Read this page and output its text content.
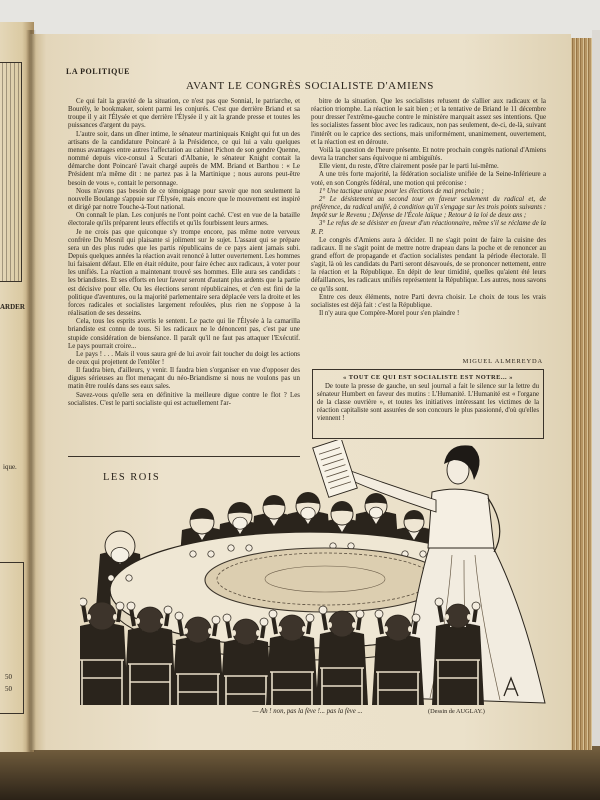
ARDER
ique.
50
50
LA POLITIQUE
AVANT LE CONGRÈS SOCIALISTE D'AMIENS

Ce qui fait la gravité de la situation, ce n'est pas que Sonnial, le patriarche, et Bourély, le bookmaker, soient parmi les conjurés. C'est que derrière Briand et sa troupe il y ait l'Élysée et que derrière l'Élysée il y ait la grande presse et toutes les puissances d'argent du pays.

L'autre soir, dans un dîner intime, le sénateur martiniquais Knight qui fut un des artisans de la candidature Poincaré à la Présidence, ce qui lui a valu quelques menus avantages entre autres l'affectation au cabinet Pichon de son gendre Quenne, nommé depuis vice-consul à Scutari d'Albanie, le sénateur Knight contait la démarche dont Poincaré l'avait chargé auprès de MM. Briand et Barthou : « Le Président m'a même dit : ne partez pas à la Martinique ; nous aurons peut-être besoin de vous », contait le personnage.

Nous n'avons pas besoin de ce témoignage pour savoir que non seulement la nouvelle Boulange s'appuie sur l'Élysée, mais encore que le mouvement est inspiré et dirigé par notre Touche-à-Tout national.

On connaît le plan. Les conjurés ne l'ont point caché. C'est en vue de la bataille électorale qu'ils préparent leurs effectifs et qu'ils fourbissent leurs armes.

Je ne crois pas que quiconque s'y trompe encore, pas même notre verveux confrère Du Mesnil qui plaisante si joliment sur le sujet. L'assaut qui se prépare sera un des plus rudes que les partis républicains de ce pays aient jamais subi. Depuis quelques années la réaction avait renoncé à lutter ouvertement. Les hommes lui faisaient défaut. Elle en était réduite, pour faire échec aux radicaux, à voter pour les unifiés. La réaction a maintenant trouvé ses hommes. Elle aura ses candidats : les briandistes. Et ses efforts en leur faveur seront d'autant plus ardents que la partie est décisive pour elle. Ou les élections seront républicaines, et c'en est fini de la politique d'aventures, ou la majorité parlementaire sera déplacée vers la droite et les forces radicales et socialistes largement refoulées, plus rien ne s'oppose à la réalisation de ses desseins.

Cela, tous les esprits avertis le sentent. Le pacte qui lie l'Élysée à la camarilla briandiste est connu de tous. Si les radicaux ne le dénoncent pas, c'est par une stupide considération de bienséance. Il paraît qu'il ne faut pas attaquer l'Exécutif. Le pays pourrait croire...

Le pays ! . . . Mais il vous saura gré de lui avoir fait toucher du doigt les actions de ceux qui projettent de l'entôler !

Il faudra bien, d'ailleurs, y venir. Il faudra bien s'organiser en vue d'opposer des digues sérieuses au flot menaçant du néo-Briandisme si nous ne voulons pas un matin être roulés dans ses eaux sales.

Savez-vous qu'elle sera en définitive la meilleure digue contre le flot ? Les socialistes. C'est le parti socialiste qui est actuellement l'ar-

bitre de la situation. Que les socialistes refusent de s'allier aux radicaux et la réaction triomphe. La réaction le sait bien ; et la tentative de Briand le 11 décembre pour dresser l'extrême-gauche contre le ministère marquait assez ses intentions. Que les socialistes fassent bloc avec les radicaux, non pas seulement, de-ci, de-là, suivant l'intérêt ou le caprice des sections, mais uniformément, unanimement, ouvertement, et la réaction est en déroute.

Voilà la question de l'heure présente. Et notre prochain congrès national d'Amiens devra la trancher sans équivoque ni ambiguïtés.

Elle vient, du reste, d'être clairement posée par le parti lui-même.

A une très forte majorité, la fédération socialiste unifiée de la Seine-Inférieure a voté, en son Congrès fédéral, une motion qui préconise :

1° Une tactique unique pour les élections de mai prochain ;

2° Le désistement au second tour en faveur seulement du radical et, de préférence, du radical unifié, à condition qu'il s'engage sur les trois points suivants : Impôt sur le Revenu ; Défense de l'École laïque ; Retour à la loi de deux ans ;

3° Le refus de se désister en faveur d'un réactionnaire, même s'il se réclame de la R. P.

Le congrès d'Amiens aura à décider. Il ne s'agit point de faire la cuisine des radicaux. Il ne s'agit point de mettre notre drapeau dans la poche et de renoncer au grand effort de propagande et d'action socialistes pendant la période électorale. Il s'agit, là où les candidats du Parti seront désavoués, de se prononcer nettement, entre la réaction et la République. En dépit de leur timidité, quelles qu'aient été leurs défaillances, les radicaux unifiés représentent la République. Les autres, nous savons ce qu'ils sont.

Entre ces deux éléments, notre Parti devra choisir. Le choix de tous les vrais socialistes est déjà fait : c'est la République.

Il n'y aura que Compère-Morel pour s'en plaindre !

MIGUEL ALMEREYDA
« TOUT CE QUI EST SOCIALISTE EST NOTRE... »

De toute la presse de gauche, un seul journal a fait le silence sur la lettre du sénateur Humbert en faveur des mutins : L'Humanité. L'Humanité est « l'organe de la classe ouvrière », et toutes les initiatives intéressant les victimes de la réaction capitaliste sont assurées de son concours le plus passionné, d'où qu'elles viennent !

LES ROIS
— Ah ! non, pas la fève !... pas la fève ...	(Dessin de AUGLAY.)
